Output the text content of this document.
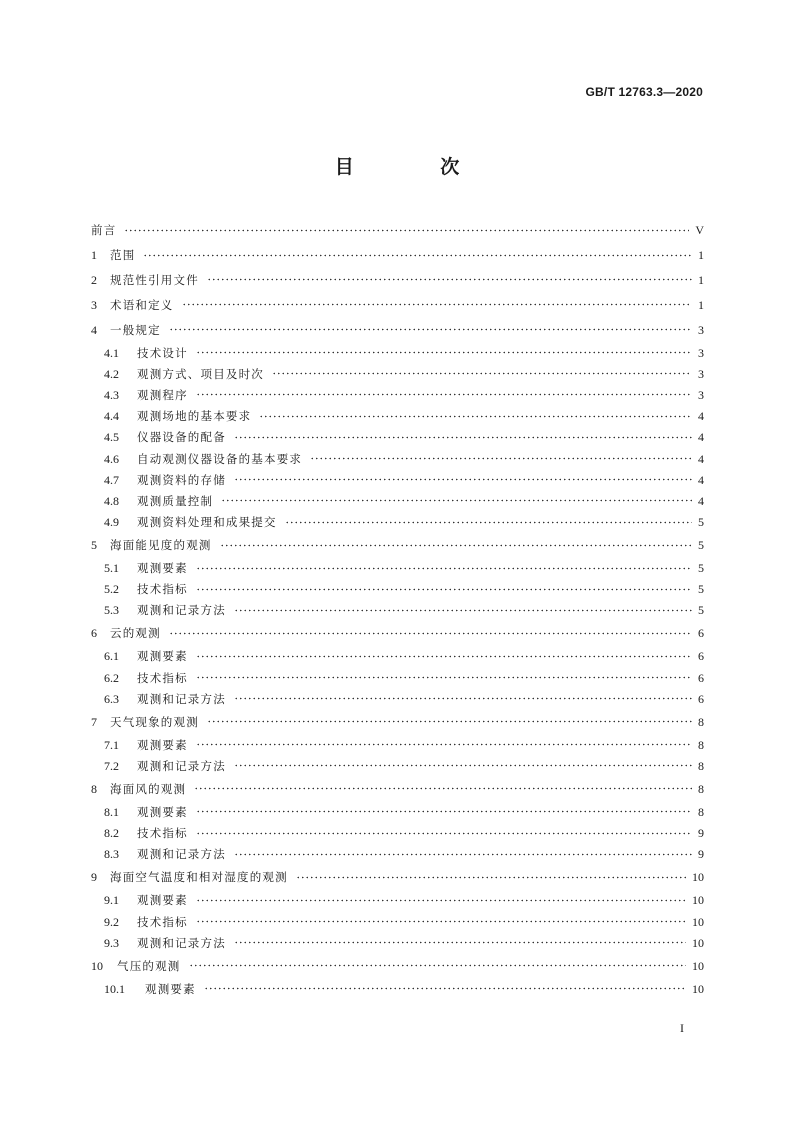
GB/T 12763.3—2020
目 次
前言	V
1	范围	1
2	规范性引用文件	1
3	术语和定义	1
4	一般规定	3
4.1	技术设计	3
4.2	观测方式、项目及时次	3
4.3	观测程序	3
4.4	观测场地的基本要求	4
4.5	仪器设备的配备	4
4.6	自动观测仪器设备的基本要求	4
4.7	观测资料的存储	4
4.8	观测质量控制	4
4.9	观测资料处理和成果提交	5
5	海面能见度的观测	5
5.1	观测要素	5
5.2	技术指标	5
5.3	观测和记录方法	5
6	云的观测	6
6.1	观测要素	6
6.2	技术指标	6
6.3	观测和记录方法	6
7	天气现象的观测	8
7.1	观测要素	8
7.2	观测和记录方法	8
8	海面风的观测	8
8.1	观测要素	8
8.2	技术指标	9
8.3	观测和记录方法	9
9	海面空气温度和相对湿度的观测	10
9.1	观测要素	10
9.2	技术指标	10
9.3	观测和记录方法	10
10	气压的观测	10
10.1	观测要素	10
I
